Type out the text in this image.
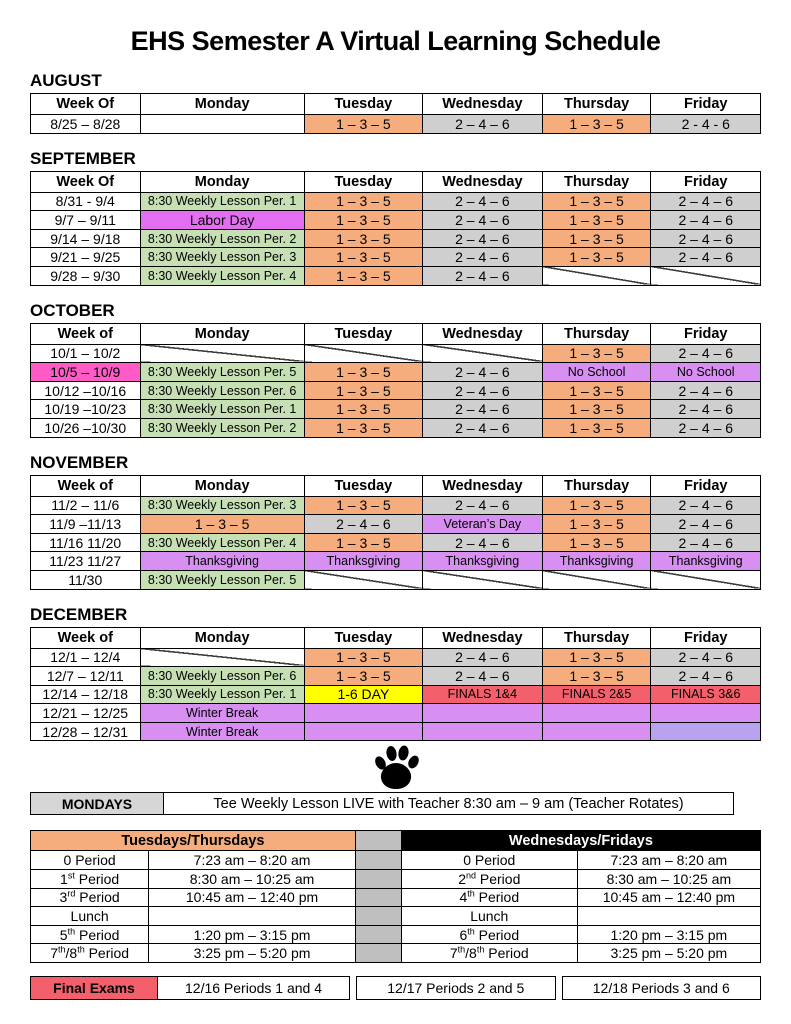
EHS Semester A Virtual Learning Schedule
AUGUST
Week Of	Monday	Tuesday	Wednesday	Thursday	Friday
8/25 – 8/28		1 – 3 – 5	2 – 4 – 6	1 – 3 – 5	2 - 4 - 6
SEPTEMBER
Week Of	Monday	Tuesday	Wednesday	Thursday	Friday
8/31 - 9/4	8:30 Weekly Lesson Per. 1	1 – 3 – 5	2 – 4 – 6	1 – 3 – 5	2 – 4 – 6
9/7 – 9/11	Labor Day	1 – 3 – 5	2 – 4 – 6	1 – 3 – 5	2 – 4 – 6
9/14 – 9/18	8:30 Weekly Lesson Per. 2	1 – 3 – 5	2 – 4 – 6	1 – 3 – 5	2 – 4 – 6
9/21 – 9/25	8:30 Weekly Lesson Per. 3	1 – 3 – 5	2 – 4 – 6	1 – 3 – 5	2 – 4 – 6
9/28 – 9/30	8:30 Weekly Lesson Per. 4	1 – 3 – 5	2 – 4 – 6		
OCTOBER
Week of	Monday	Tuesday	Wednesday	Thursday	Friday
10/1 – 10/2				1 – 3 – 5	2 – 4 – 6
10/5 – 10/9	8:30 Weekly Lesson Per. 5	1 – 3 – 5	2 – 4 – 6	No School	No School
10/12 –10/16	8:30 Weekly Lesson Per. 6	1 – 3 – 5	2 – 4 – 6	1 – 3 – 5	2 – 4 – 6
10/19 –10/23	8:30 Weekly Lesson Per. 1	1 – 3 – 5	2 – 4 – 6	1 – 3 – 5	2 – 4 – 6
10/26 –10/30	8:30 Weekly Lesson Per. 2	1 – 3 – 5	2 – 4 – 6	1 – 3 – 5	2 – 4 – 6
NOVEMBER
Week of	Monday	Tuesday	Wednesday	Thursday	Friday
11/2 – 11/6	8:30 Weekly Lesson Per. 3	1 – 3 – 5	2 – 4 – 6	1 – 3 – 5	2 – 4 – 6
11/9 –11/13	1 – 3 – 5	2 – 4 – 6	Veteran’s Day	1 – 3 – 5	2 – 4 – 6
11/16 11/20	8:30 Weekly Lesson Per. 4	1 – 3 – 5	2 – 4 – 6	1 – 3 – 5	2 – 4 – 6
11/23 11/27	Thanksgiving	Thanksgiving	Thanksgiving	Thanksgiving	Thanksgiving
11/30	8:30 Weekly Lesson Per. 5				
DECEMBER
Week of	Monday	Tuesday	Wednesday	Thursday	Friday
12/1 – 12/4		1 – 3 – 5	2 – 4 – 6	1 – 3 – 5	2 – 4 – 6
12/7 – 12/11	8:30 Weekly Lesson Per. 6	1 – 3 – 5	2 – 4 – 6	1 – 3 – 5	2 – 4 – 6
12/14 – 12/18	8:30 Weekly Lesson Per. 1	1-6 DAY	FINALS 1&4	FINALS 2&5	FINALS 3&6
12/21 – 12/25	Winter Break				
12/28 – 12/31	Winter Break				
MONDAYS	Tee Weekly Lesson LIVE with Teacher 8:30 am – 9 am (Teacher Rotates)
Tuesdays/Thursdays			Wednesdays/Fridays	
0 Period	7:23 am – 8:20 am		0 Period	7:23 am – 8:20 am
1st Period	8:30 am – 10:25 am		2nd Period	8:30 am – 10:25 am
3rd Period	10:45 am – 12:40 pm		4th Period	10:45 am – 12:40 pm
Lunch			Lunch	
5th Period	1:20 pm – 3:15 pm		6th Period	1:20 pm – 3:15 pm
7th/8th Period	3:25 pm – 5:20 pm		7th/8th Period	3:25 pm – 5:20 pm
Final Exams	12/16 Periods 1 and 4	12/17 Periods 2 and 5	12/18 Periods 3 and 6
